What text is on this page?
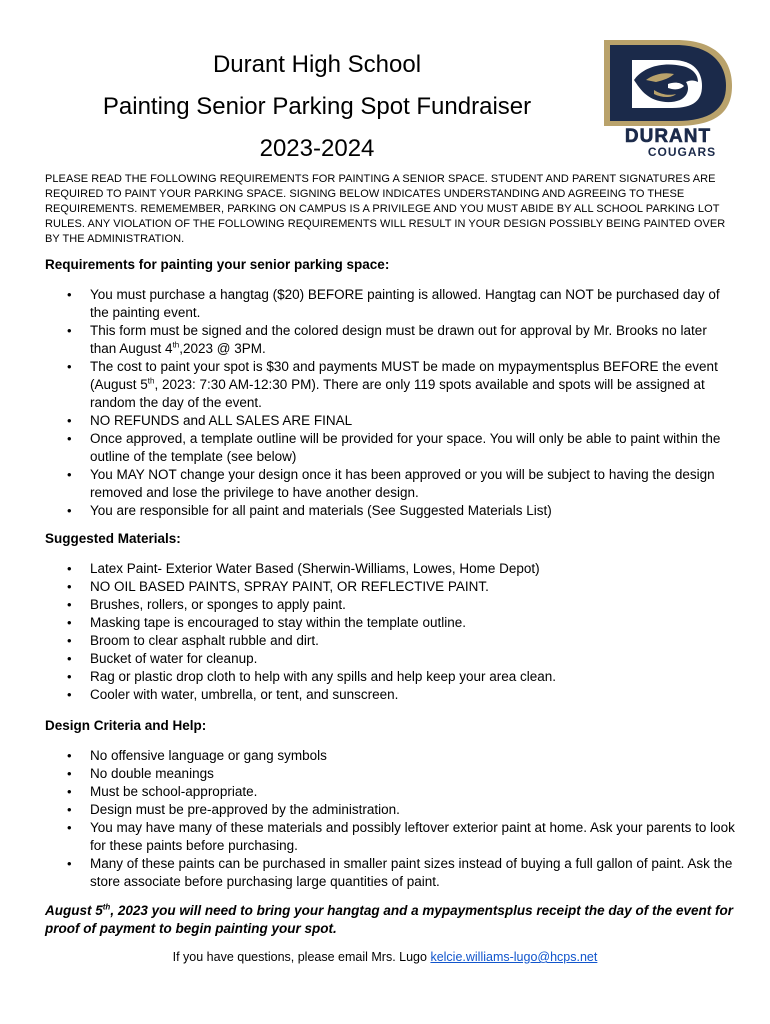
Durant High School
Painting Senior Parking Spot Fundraiser
2023-2024	DURANT
COUGARS
PLEASE READ THE FOLLOWING REQUIREMENTS FOR PAINTING A SENIOR SPACE. STUDENT AND PARENT SIGNATURES ARE REQUIRED TO PAINT YOUR PARKING SPACE. SIGNING BELOW INDICATES UNDERSTANDING AND AGREEING TO THESE REQUIREMENTS. REMEMEMBER, PARKING ON CAMPUS IS A PRIVILEGE AND YOU MUST ABIDE BY ALL SCHOOL PARKING LOT RULES. ANY VIOLATION OF THE FOLLOWING REQUIREMENTS WILL RESULT IN YOUR DESIGN POSSIBLY BEING PAINTED OVER BY THE ADMINISTRATION.

Requirements for painting your senior parking space:

• You must purchase a hangtag ($20) BEFORE painting is allowed. Hangtag can NOT be purchased day of the painting event.
• This form must be signed and the colored design must be drawn out for approval by Mr. Brooks no later than August 4th,2023 @ 3PM.
• The cost to paint your spot is $30 and payments MUST be made on mypaymentsplus BEFORE the event (August 5th, 2023: 7:30 AM-12:30 PM). There are only 119 spots available and spots will be assigned at random the day of the event.
• NO REFUNDS and ALL SALES ARE FINAL
• Once approved, a template outline will be provided for your space. You will only be able to paint within the outline of the template (see below)
• You MAY NOT change your design once it has been approved or you will be subject to having the design removed and lose the privilege to have another design.
• You are responsible for all paint and materials (See Suggested Materials List)

Suggested Materials:

• Latex Paint- Exterior Water Based (Sherwin-Williams, Lowes, Home Depot)
• NO OIL BASED PAINTS, SPRAY PAINT, OR REFLECTIVE PAINT.
• Brushes, rollers, or sponges to apply paint.
• Masking tape is encouraged to stay within the template outline.
• Broom to clear asphalt rubble and dirt.
• Bucket of water for cleanup.
• Rag or plastic drop cloth to help with any spills and help keep your area clean.
• Cooler with water, umbrella, or tent, and sunscreen.

Design Criteria and Help:

• No offensive language or gang symbols
• No double meanings
• Must be school-appropriate.
• Design must be pre-approved by the administration.
• You may have many of these materials and possibly leftover exterior paint at home. Ask your parents to look for these paints before purchasing.
• Many of these paints can be purchased in smaller paint sizes instead of buying a full gallon of paint. Ask the store associate before purchasing large quantities of paint.
August 5th, 2023 you will need to bring your hangtag and a mypaymentsplus receipt the day of the event for proof of payment to begin painting your spot.
If you have questions, please email Mrs. Lugo kelcie.williams-lugo@hcps.net
